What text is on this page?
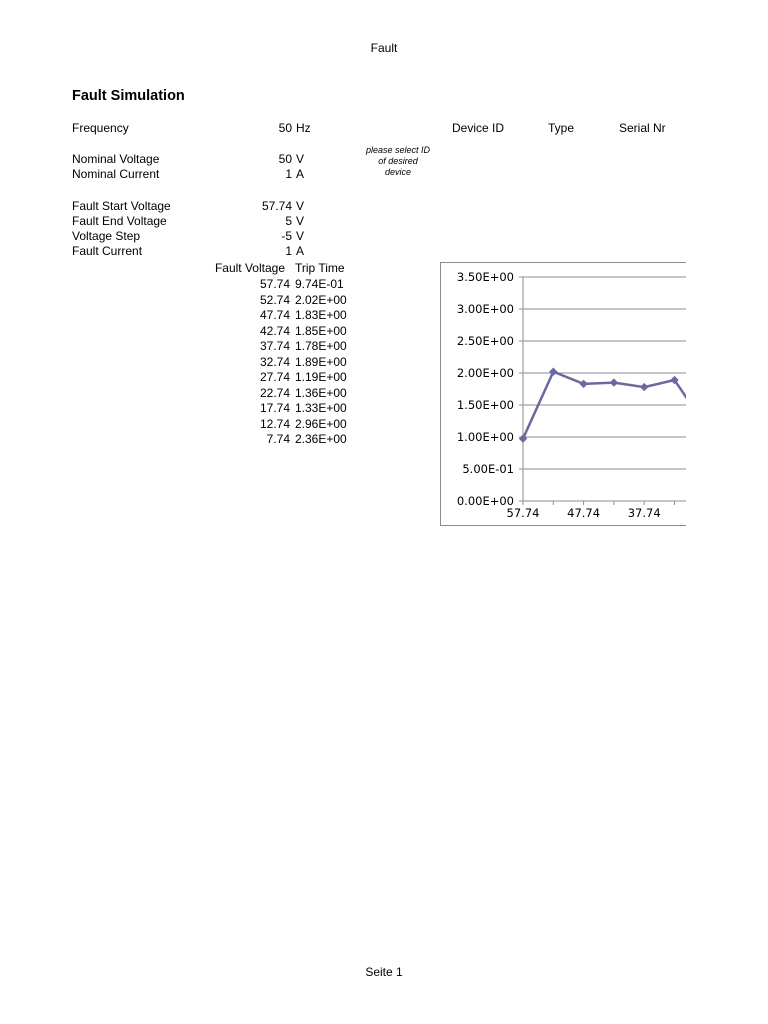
Fault
Fault Simulation
Frequency	50 Hz
Nominal Voltage	50 V
Nominal Current	1 A
Fault Start Voltage	57.74 V
Fault End Voltage	5 V
Voltage Step	-5 V
Fault Current	1 A
Device ID	Type	Serial Nr
please select ID
of desired
device
Fault Voltage Trip Time
57.74 9.74E-01
52.74 2.02E+00
47.74 1.83E+00
42.74 1.85E+00
37.74 1.78E+00
32.74 1.89E+00
27.74 1.19E+00
22.74 1.36E+00
17.74 1.33E+00
12.74 2.96E+00
7.74 2.36E+00
0.00E+00
5.00E-01
1.00E+00
1.50E+00
2.00E+00
2.50E+00
3.00E+00
3.50E+00
57.74 47.74 37.74
Seite 1
